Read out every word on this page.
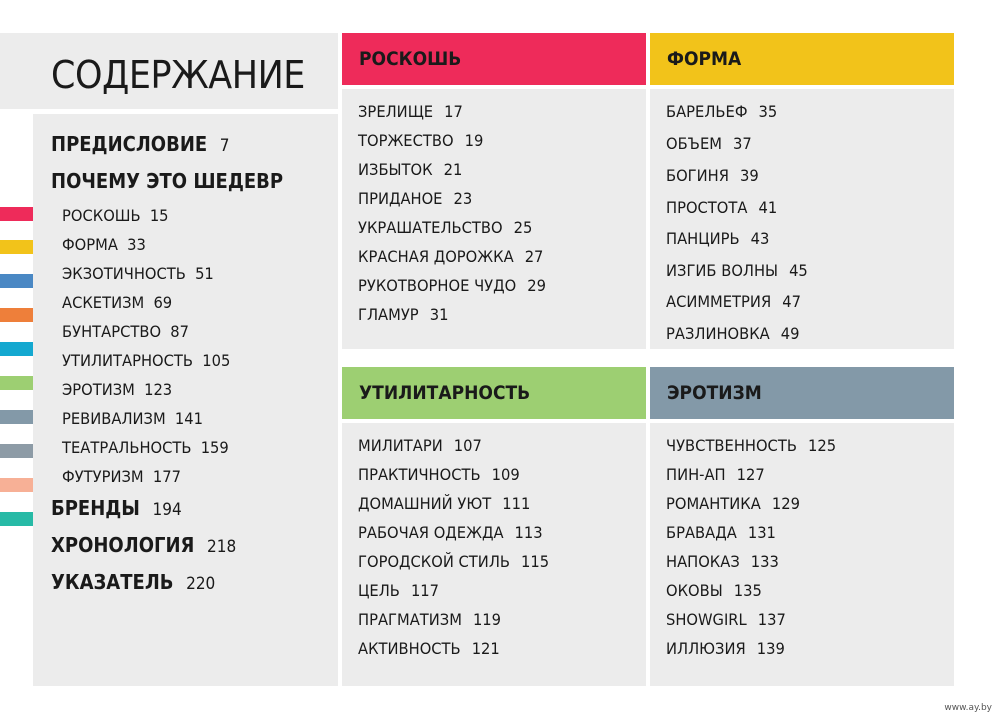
СОДЕРЖАНИЕ
ПРЕДИСЛОВИЕ 7
ПОЧЕМУ ЭТО ШЕДЕВР
РОСКОШЬ 15
ФОРМА 33
ЭКЗОТИЧНОСТЬ 51
АСКЕТИЗМ 69
БУНТАРСТВО 87
УТИЛИТАРНОСТЬ 105
ЭРОТИЗМ 123
РЕВИВАЛИЗМ 141
ТЕАТРАЛЬНОСТЬ 159
ФУТУРИЗМ 177
БРЕНДЫ 194
ХРОНОЛОГИЯ 218
УКАЗАТЕЛЬ 220
РОСКОШЬ
ЗРЕЛИЩЕ 17
ТОРЖЕСТВО 19
ИЗБЫТОК 21
ПРИДАНОЕ 23
УКРАШАТЕЛЬСТВО 25
КРАСНАЯ ДОРОЖКА 27
РУКОТВОРНОЕ ЧУДО 29
ГЛАМУР 31
ФОРМА
БАРЕЛЬЕФ 35
ОБЪЕМ 37
БОГИНЯ 39
ПРОСТОТА 41
ПАНЦИРЬ 43
ИЗГИБ ВОЛНЫ 45
АСИММЕТРИЯ 47
РАЗЛИНОВКА 49
УТИЛИТАРНОСТЬ
МИЛИТАРИ 107
ПРАКТИЧНОСТЬ 109
ДОМАШНИЙ УЮТ 111
РАБОЧАЯ ОДЕЖДА 113
ГОРОДСКОЙ СТИЛЬ 115
ЦЕЛЬ 117
ПРАГМАТИЗМ 119
АКТИВНОСТЬ 121
ЭРОТИЗМ
ЧУВСТВЕННОСТЬ 125
ПИН-АП 127
РОМАНТИКА 129
БРАВАДА 131
НАПОКАЗ 133
ОКОВЫ 135
SHOWGIRL 137
ИЛЛЮЗИЯ 139
www.ay.by
